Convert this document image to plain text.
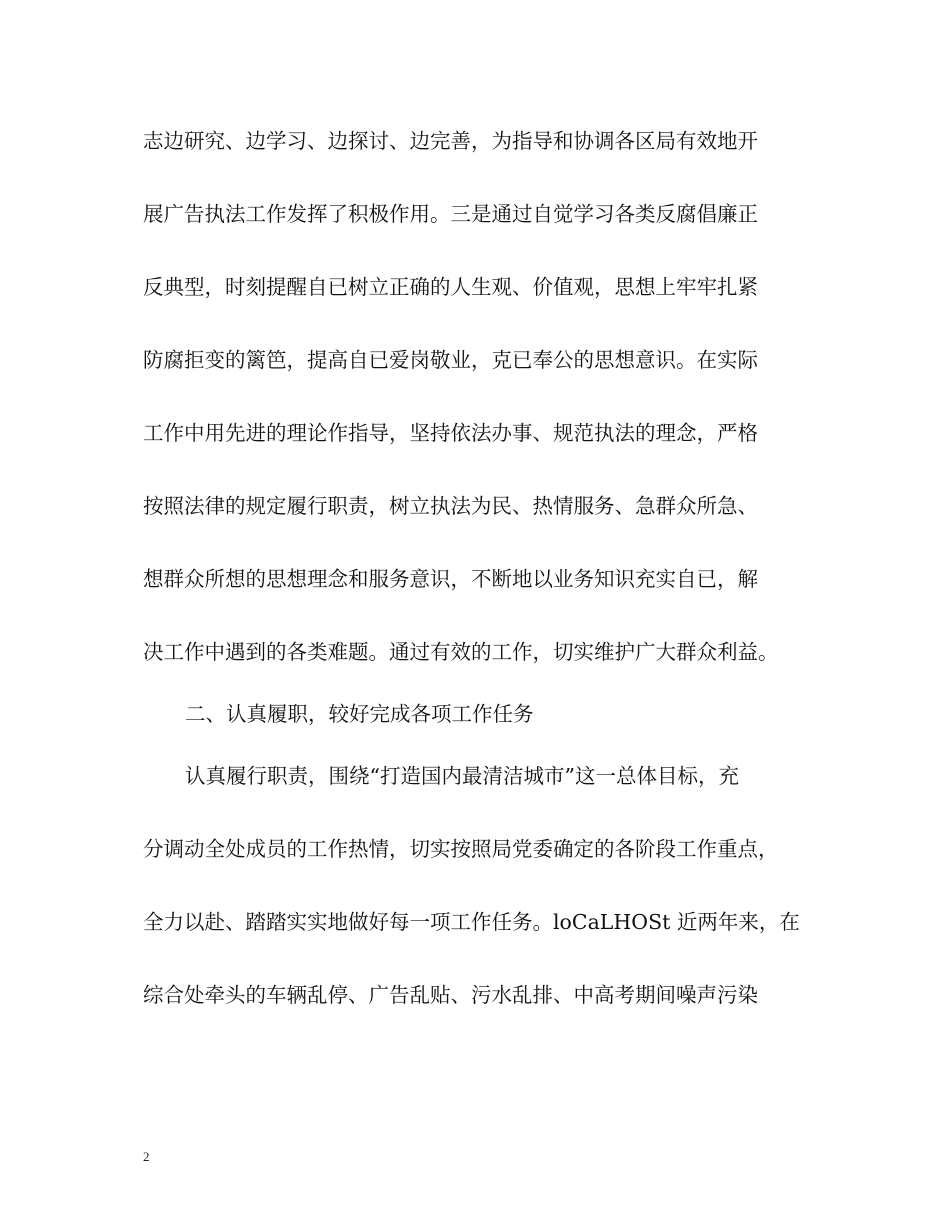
志边研究、边学习、边探讨、边完善，为指导和协调各区局有效地开
展广告执法工作发挥了积极作用。三是通过自觉学习各类反腐倡廉正
反典型，时刻提醒自已树立正确的人生观、价值观，思想上牢牢扎紧
防腐拒变的篱笆，提高自已爱岗敬业，克已奉公的思想意识。在实际
工作中用先进的理论作指导，坚持依法办事、规范执法的理念，严格
按照法律的规定履行职责，树立执法为民、热情服务、急群众所急、
想群众所想的思想理念和服务意识，不断地以业务知识充实自已，解
决工作中遇到的各类难题。通过有效的工作，切实维护广大群众利益。
二、认真履职，较好完成各项工作任务
认真履行职责，围绕“打造国内最清洁城市”这一总体目标，充
分调动全处成员的工作热情，切实按照局党委确定的各阶段工作重点，
全力以赴、踏踏实实地做好每一项工作任务。loCaLHOSt 近两年来，在
综合处牵头的车辆乱停、广告乱贴、污水乱排、中高考期间噪声污染
2
